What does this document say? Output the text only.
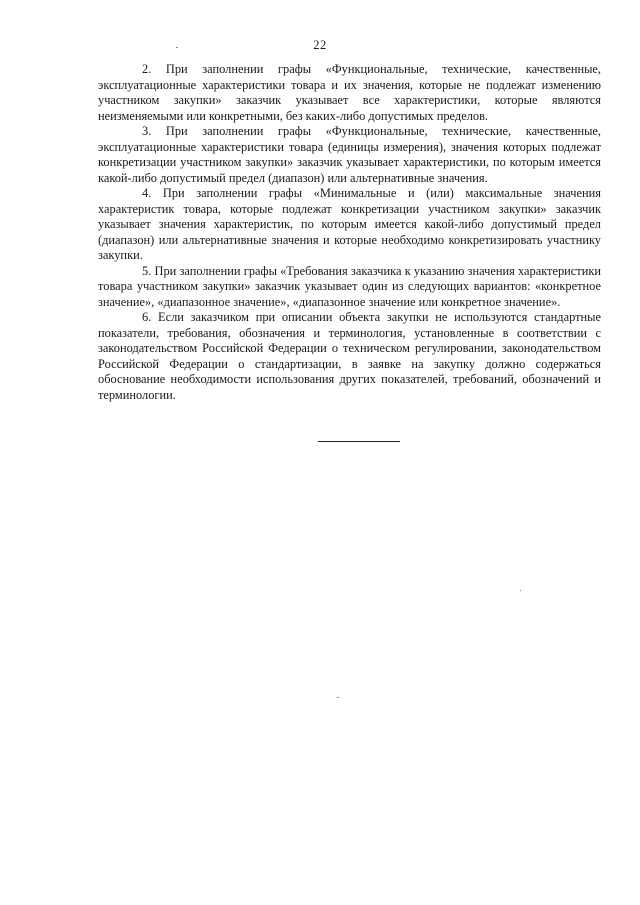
22

2. При заполнении графы «Функциональные, технические, качественные, эксплуатационные характеристики товара и их значения, которые не подлежат изменению участником закупки» заказчик указывает все характеристики, которые являются неизменяемыми или конкретными, без каких-либо допустимых пределов.

3. При заполнении графы «Функциональные, технические, качественные, эксплуатационные характеристики товара (единицы измерения), значения которых подлежат конкретизации участником закупки» заказчик указывает характеристики, по которым имеется какой-либо допустимый предел (диапазон) или альтернативные значения.

4. При заполнении графы «Минимальные и (или) максимальные значения характеристик товара, которые подлежат конкретизации участником закупки» заказчик указывает значения характеристик, по которым имеется какой-либо допустимый предел (диапазон) или альтернативные значения и которые необходимо конкретизировать участнику закупки.

5. При заполнении графы «Требования заказчика к указанию значения характеристики товара участником закупки» заказчик указывает один из следующих вариантов: «конкретное значение», «диапазонное значение», «диапазонное значение или конкретное значение».

6. Если заказчиком при описании объекта закупки не используются стандартные показатели, требования, обозначения и терминология, установленные в соответствии с законодательством Российской Федерации о техническом регулировании, законодательством Российской Федерации о стандартизации, в заявке на закупку должно содержаться обоснование необходимости использования других показателей, требований, обозначений и терминологии.
